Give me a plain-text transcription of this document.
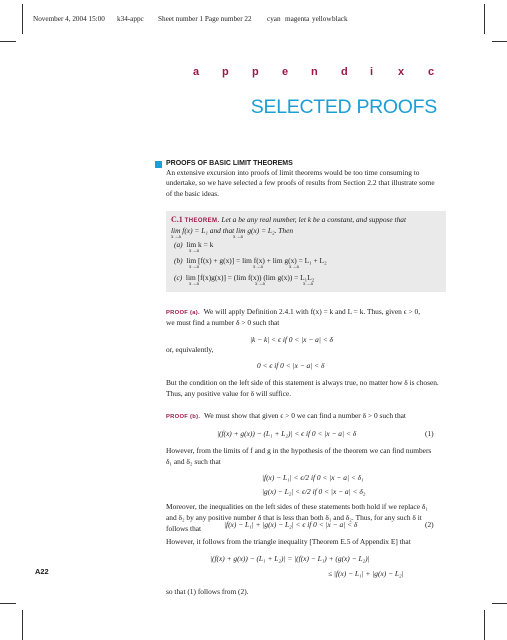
November 4, 2004 15:00 k34-appc Sheet number 1 Page number 22 cyan magenta yellow black
a p p e n d i x c
SELECTED PROOFS
PROOFS OF BASIC LIMIT THEOREMS
An extensive excursion into proofs of limit theorems would be too time consuming to
undertake, so we have selected a few proofs of results from Section 2.2 that illustrate some
of the basic ideas.
C.1 THEOREM. Let a be any real number, let k be a constant, and suppose that
lim f(x) = L₁ and that lim g(x) = L₂. Then
x→a	x→a
(a) lim k = k
x→a
(b) lim [f(x) + g(x)] = lim f(x) + lim g(x) = L₁ + L₂
x→a	x→a	x→a
(c) lim [f(x)g(x)] = (lim f(x)) (lim g(x)) = L₁L₂
x→a	x→a	x→a
PROOF (a). We will apply Definition 2.4.1 with f(x) = k and L = k. Thus, given ϵ > 0,
we must find a number δ > 0 such that
|k − k| < ϵ if 0 < |x − a| < δ
or, equivalently,
0 < ϵ if 0 < |x − a| < δ
But the condition on the left side of this statement is always true, no matter how δ is chosen.
Thus, any positive value for δ will suffice.
PROOF (b). We must show that given ϵ > 0 we can find a number δ > 0 such that
|(f(x) + g(x)) − (L₁ + L₂)| < ϵ if 0 < |x − a| < δ	(1)
However, from the limits of f and g in the hypothesis of the theorem we can find numbers
δ₁ and δ₂ such that
|f(x) − L₁| < ϵ/2 if 0 < |x − a| < δ₁
|g(x) − L₂| < ϵ/2 if 0 < |x − a| < δ₂
Moreover, the inequalities on the left sides of these statements both hold if we replace δ₁
and δ₂ by any positive number δ that is less than both δ₁ and δ₂. Thus, for any such δ it
follows that	|f(x) − L₁| + |g(x) − L₂| < ϵ if 0 < |x − a| < δ	(2)
However, it follows from the triangle inequality [Theorem E.5 of Appendix E] that
|(f(x) + g(x)) − (L₁ + L₂)| = |(f(x) − L₁) + (g(x) − L₂)|
≤ |f(x) − L₁| + |g(x) − L₂|
so that (1) follows from (2).
A22
